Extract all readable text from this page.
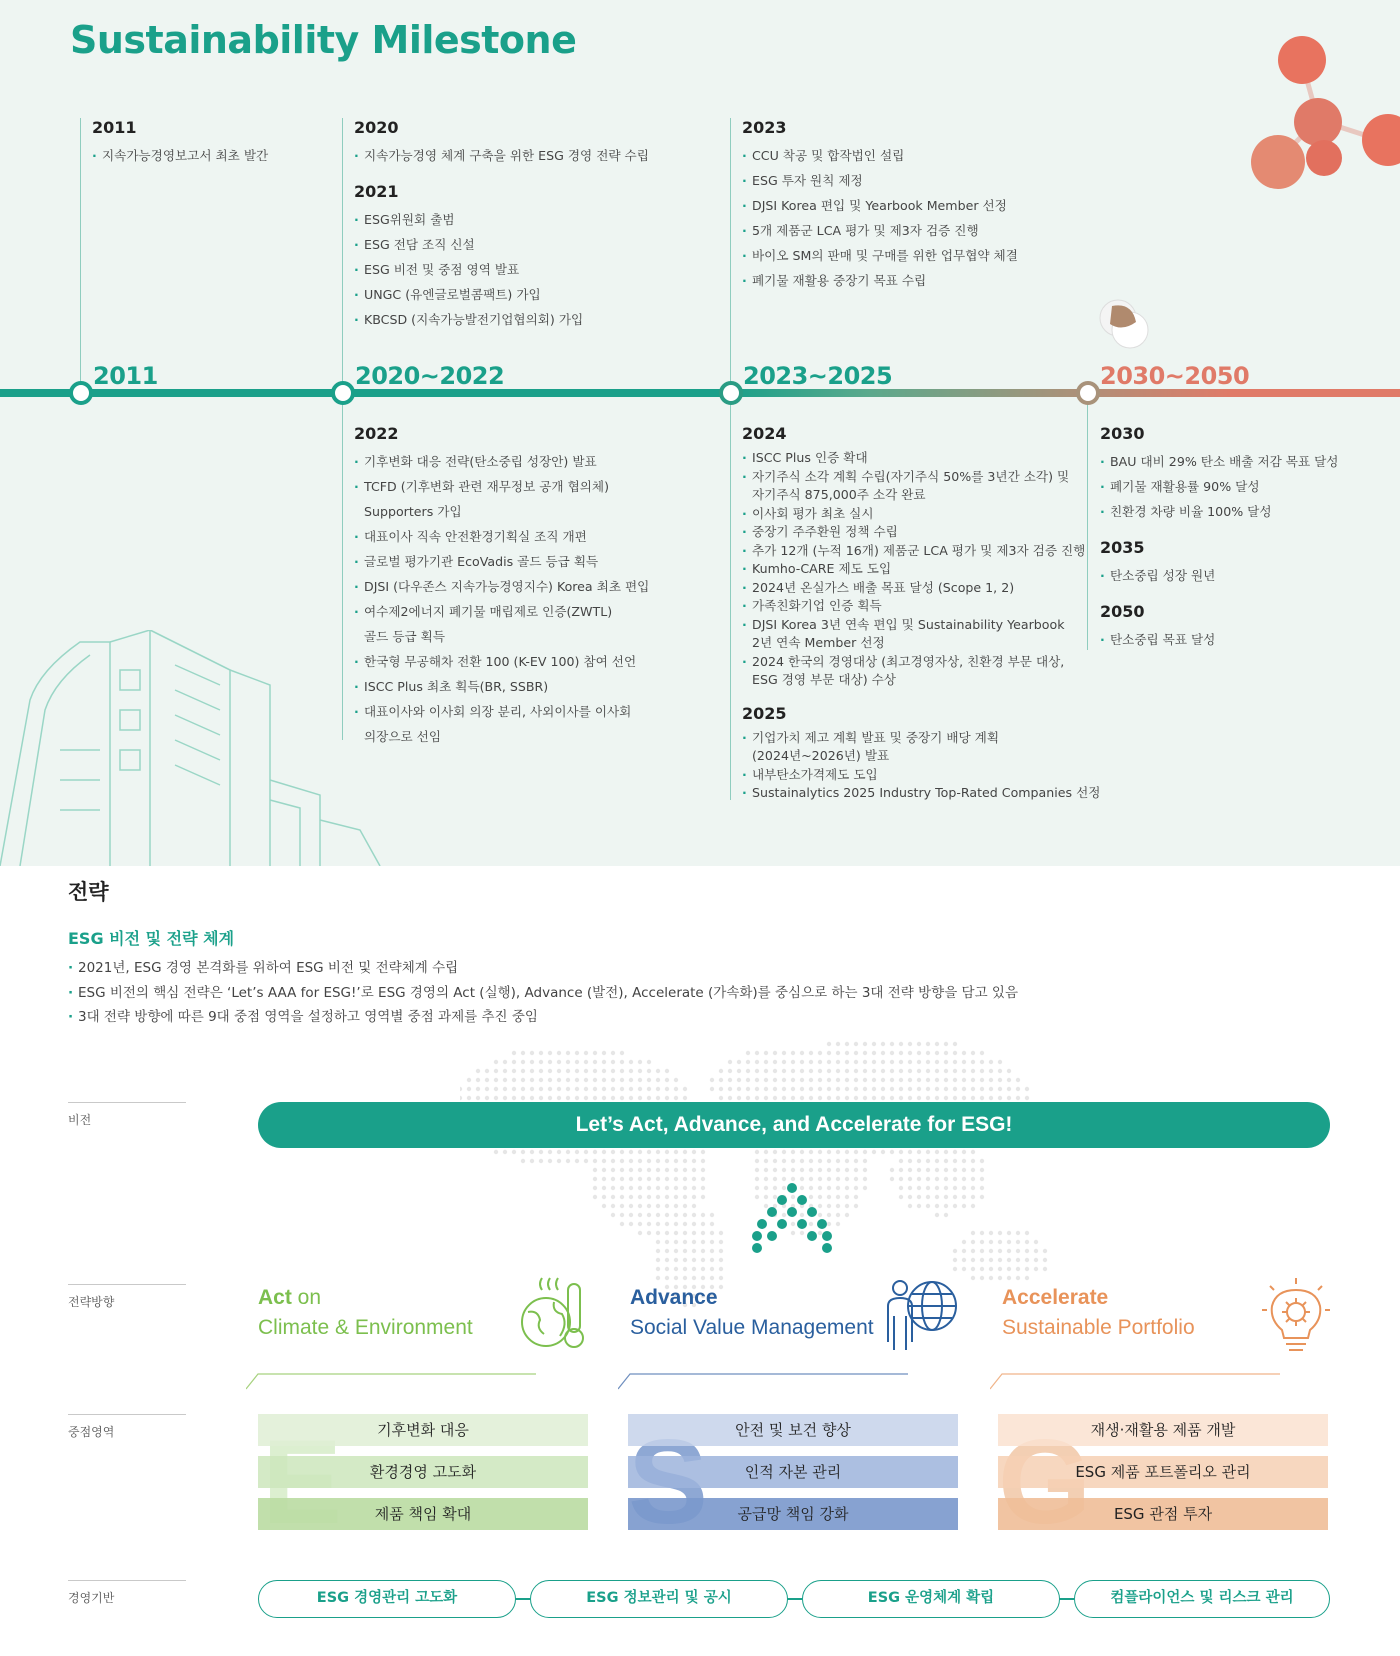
Sustainability Milestone
2011
· 지속가능경영보고서 최초 발간
2020
· 지속가능경영 체계 구축을 위한 ESG 경영 전략 수립
2021
· ESG위원회 출범
· ESG 전담 조직 신설
· ESG 비전 및 중점 영역 발표
· UNGC (유엔글로벌콤팩트) 가입
· KBCSD (지속가능발전기업협의회) 가입
2023
· CCU 착공 및 합작법인 설립
· ESG 투자 원칙 제정
· DJSI Korea 편입 및 Yearbook Member 선정
· 5개 제품군 LCA 평가 및 제3자 검증 진행
· 바이오 SM의 판매 및 구매를 위한 업무협약 체결
· 폐기물 재활용 중장기 목표 수립
2011	2020~2022	2023~2025	2030~2050
2022
· 기후변화 대응 전략(탄소중립 성장안) 발표
· TCFD (기후변화 관련 재무정보 공개 협의체)
Supporters 가입
· 대표이사 직속 안전환경기획실 조직 개편
· 글로벌 평가기관 EcoVadis 골드 등급 획득
· DJSI (다우존스 지속가능경영지수) Korea 최초 편입
· 여수제2에너지 폐기물 매립제로 인증(ZWTL)
골드 등급 획득
· 한국형 무공해차 전환 100 (K-EV 100) 참여 선언
· ISCC Plus 최초 획득(BR, SSBR)
· 대표이사와 이사회 의장 분리, 사외이사를 이사회
의장으로 선임
2024
· ISCC Plus 인증 확대
· 자기주식 소각 계획 수립(자기주식 50%를 3년간 소각) 및
자기주식 875,000주 소각 완료
· 이사회 평가 최초 실시
· 중장기 주주환원 정책 수립
· 추가 12개 (누적 16개) 제품군 LCA 평가 및 제3자 검증 진행
· Kumho-CARE 제도 도입
· 2024년 온실가스 배출 목표 달성 (Scope 1, 2)
· 가족친화기업 인증 획득
· DJSI Korea 3년 연속 편입 및 Sustainability Yearbook
2년 연속 Member 선정
· 2024 한국의 경영대상 (최고경영자상, 친환경 부문 대상,
ESG 경영 부문 대상) 수상
2025
· 기업가치 제고 계획 발표 및 중장기 배당 계획
(2024년~2026년) 발표
· 내부탄소가격제도 도입
· Sustainalytics 2025 Industry Top-Rated Companies 선정
2030
· BAU 대비 29% 탄소 배출 저감 목표 달성
· 폐기물 재활용률 90% 달성
· 친환경 차량 비율 100% 달성
2035
· 탄소중립 성장 원년
2050
· 탄소중립 목표 달성
전략
ESG 비전 및 전략 체계
· 2021년, ESG 경영 본격화를 위하여 ESG 비전 및 전략체계 수립
· ESG 비전의 핵심 전략은 ‘Let’s AAA for ESG!’로 ESG 경영의 Act (실행), Advance (발전), Accelerate (가속화)를 중심으로 하는 3대 전략 방향을 담고 있음
· 3대 전략 방향에 따른 9대 중점 영역을 설정하고 영역별 중점 과제를 추진 중임
비전
전략방향
중점영역
경영기반
Let’s Act, Advance, and Accelerate for ESG!
Act on
Climate & Environment
Advance
Social Value Management
Accelerate
Sustainable Portfolio
기후변화 대응
환경경영 고도화
제품 책임 확대
안전 및 보건 향상
인적 자본 관리
공급망 책임 강화
재생·재활용 제품 개발
ESG 제품 포트폴리오 관리
ESG 관점 투자
ESG 경영관리 고도화	ESG 정보관리 및 공시	ESG 운영체계 확립	컴플라이언스 및 리스크 관리
